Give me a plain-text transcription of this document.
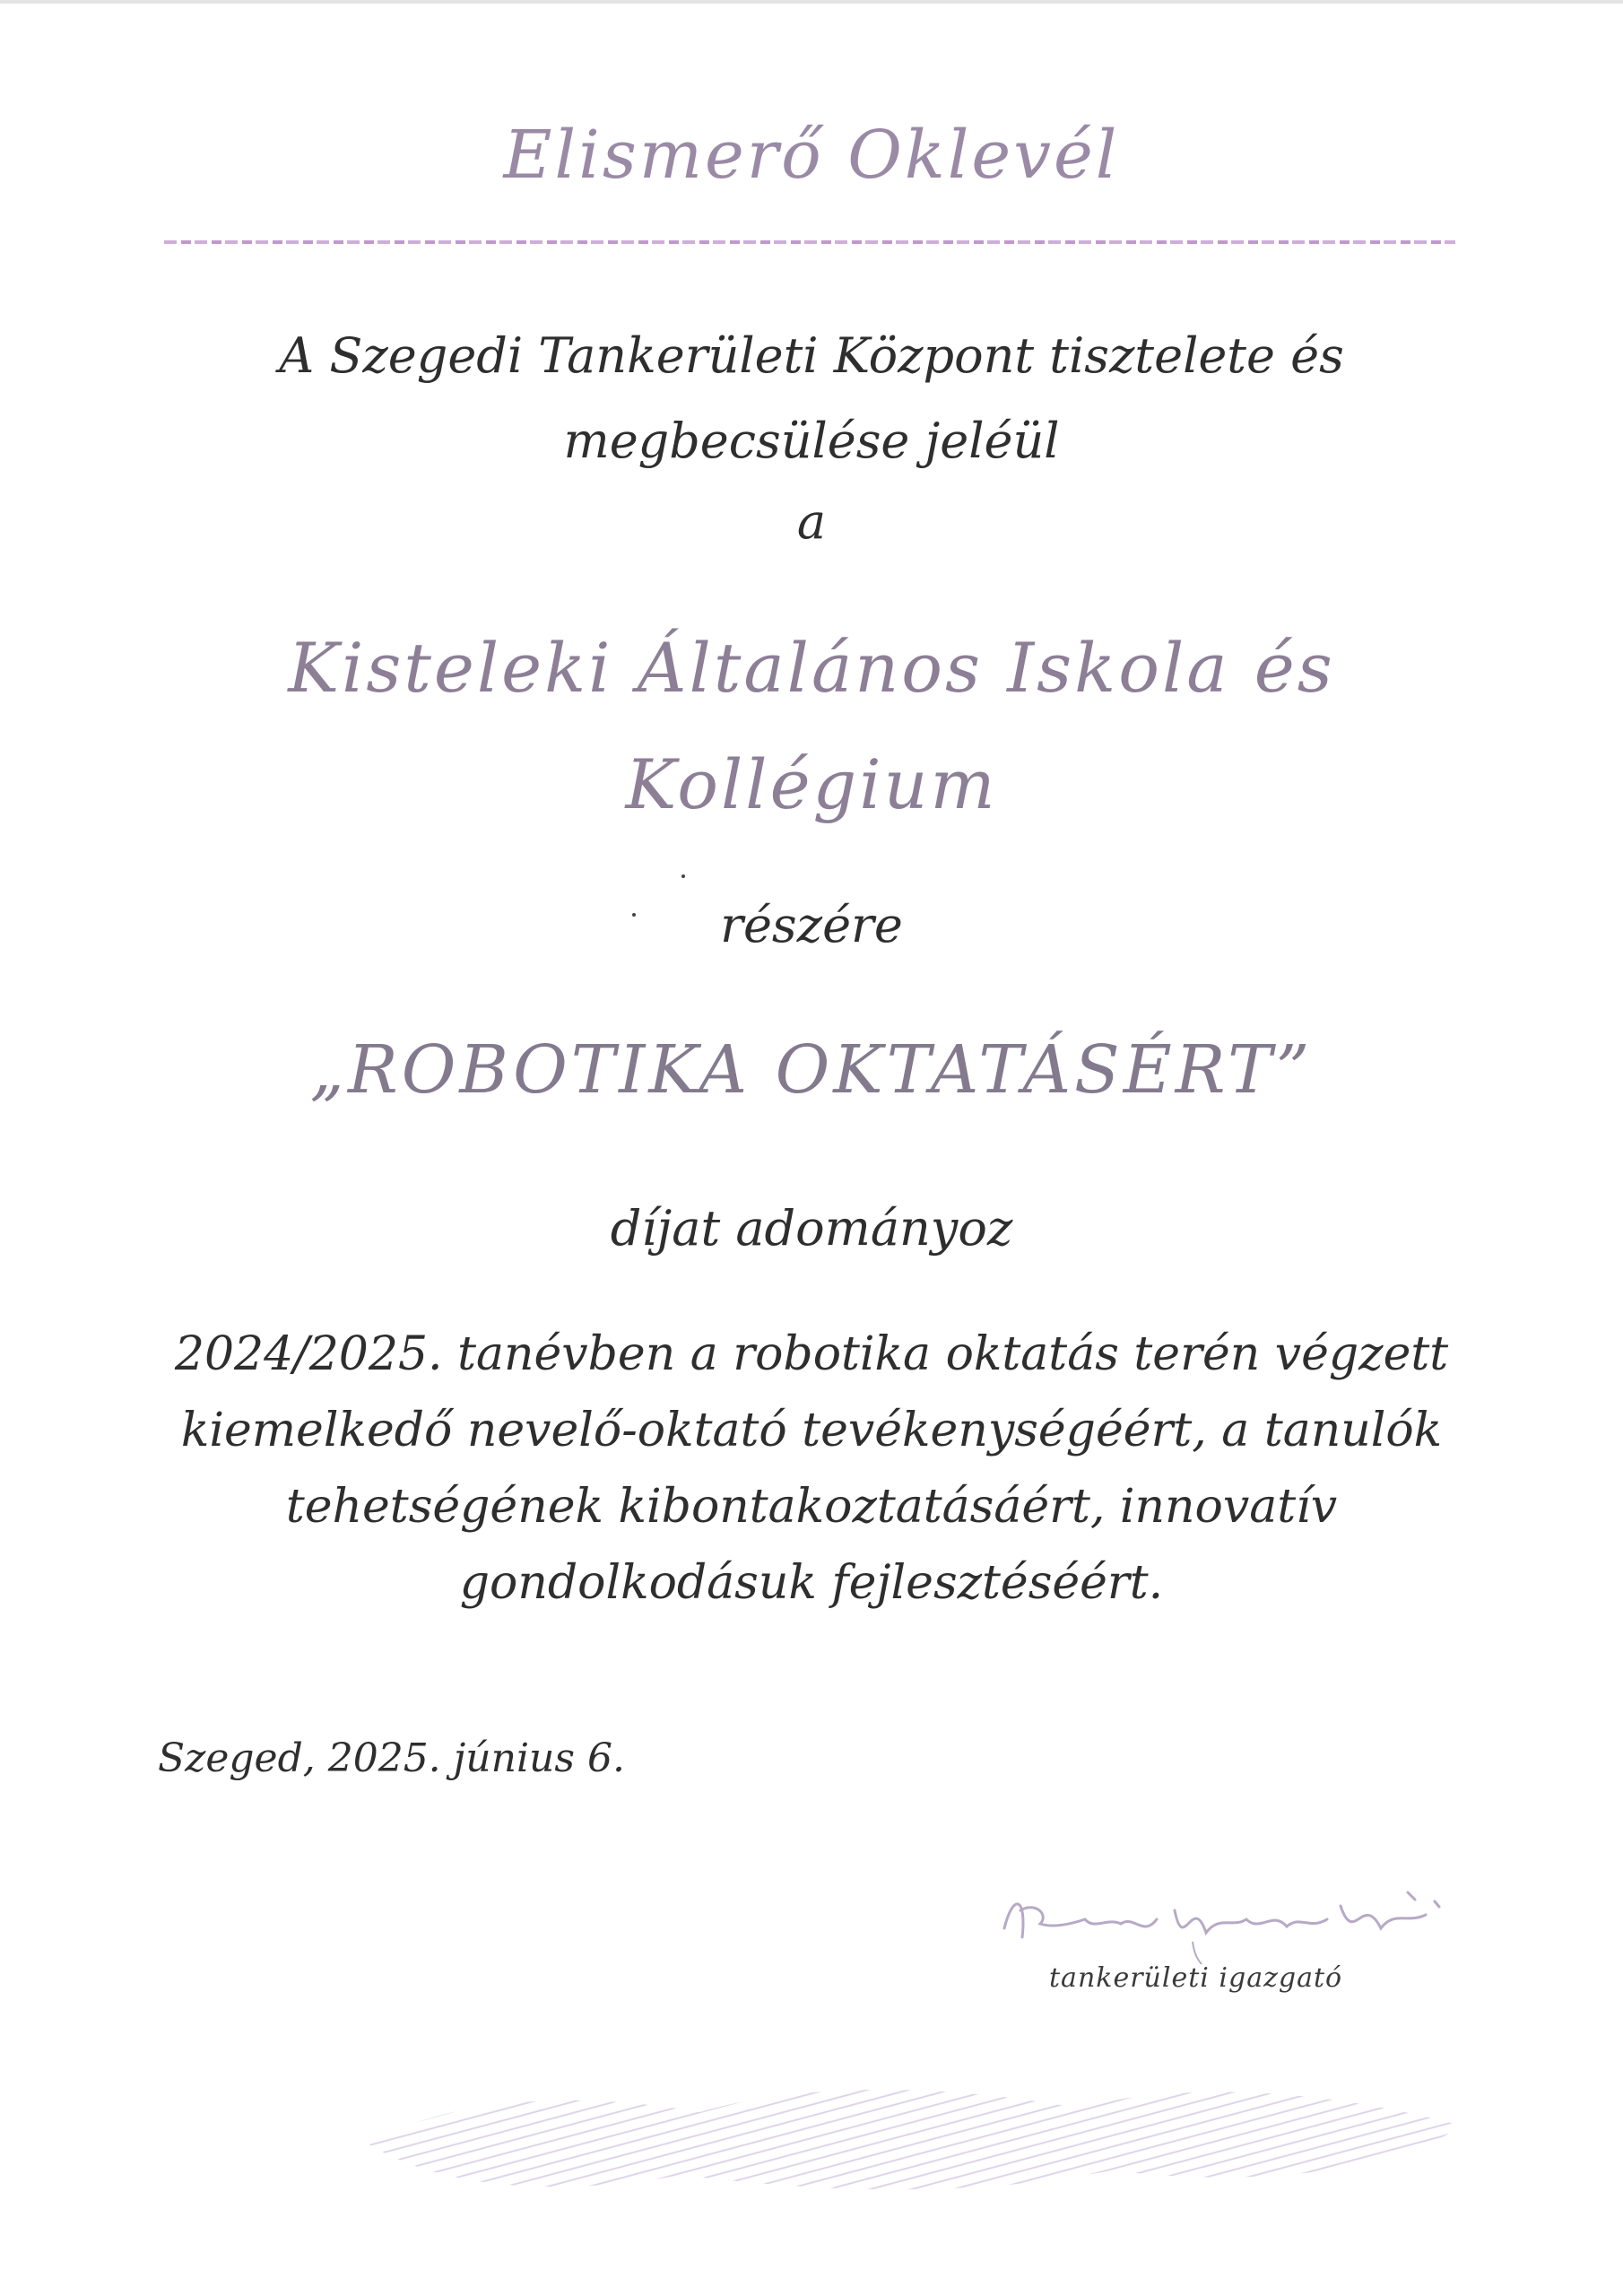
Elismerő Oklevél
A Szegedi Tankerületi Központ tisztelete és
megbecsülése jeléül
a
Kisteleki Általános Iskola és
Kollégium
részére
„ROBOTIKA OKTATÁSÉRT”
díjat adományoz
2024/2025. tanévben a robotika oktatás terén végzett
kiemelkedő nevelő-oktató tevékenységéért, a tanulók
tehetségének kibontakoztatásáért, innovatív
gondolkodásuk fejlesztéséért.
Szeged, 2025. június 6.
tankerületi igazgató
